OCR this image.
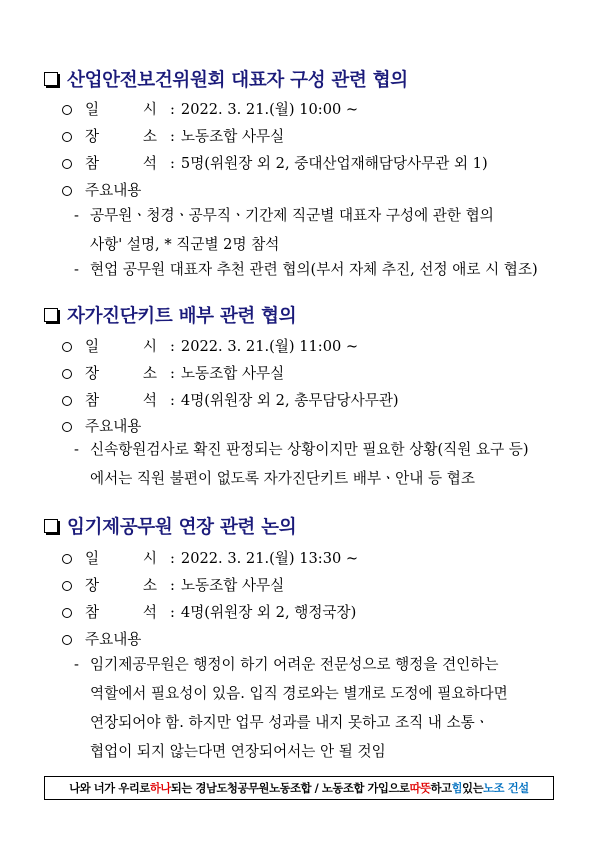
산업안전보건위원회 대표자 구성 관련 협의
일	시 : 2022. 3. 21.(월) 10:00 ~
장	소 : 노동조합 사무실
참	석 : 5명(위원장 외 2, 중대산업재해담당사무관 외 1)
주요내용
- 공무원ㆍ청경ㆍ공무직ㆍ기간제 직군별 대표자 구성에 관한 협의
사항' 설명, * 직군별 2명 참석
- 현업 공무원 대표자 추천 관련 협의(부서 자체 추진, 선정 애로 시 협조)
자가진단키트 배부 관련 협의
일	시 : 2022. 3. 21.(월) 11:00 ~
장	소 : 노동조합 사무실
참	석 : 4명(위원장 외 2, 총무담당사무관)
주요내용
- 신속항원검사로 확진 판정되는 상황이지만 필요한 상황(직원 요구 등)
에서는 직원 불편이 없도록 자가진단키트 배부ㆍ안내 등 협조
임기제공무원 연장 관련 논의
일	시 : 2022. 3. 21.(월) 13:30 ~
장	소 : 노동조합 사무실
참	석 : 4명(위원장 외 2, 행정국장)
주요내용
- 임기제공무원은 행정이 하기 어려운 전문성으로 행정을 견인하는
역할에서 필요성이 있음. 입직 경로와는 별개로 도정에 필요하다면
연장되어야 함. 하지만 업무 성과를 내지 못하고 조직 내 소통ㆍ
협업이 되지 않는다면 연장되어서는 안 될 것임
나와 너가 우리로 하나 되는 경남도청공무원노동조합 / 노동조합 가입으로 따뜻 하고 힘 있는 노조 건설
